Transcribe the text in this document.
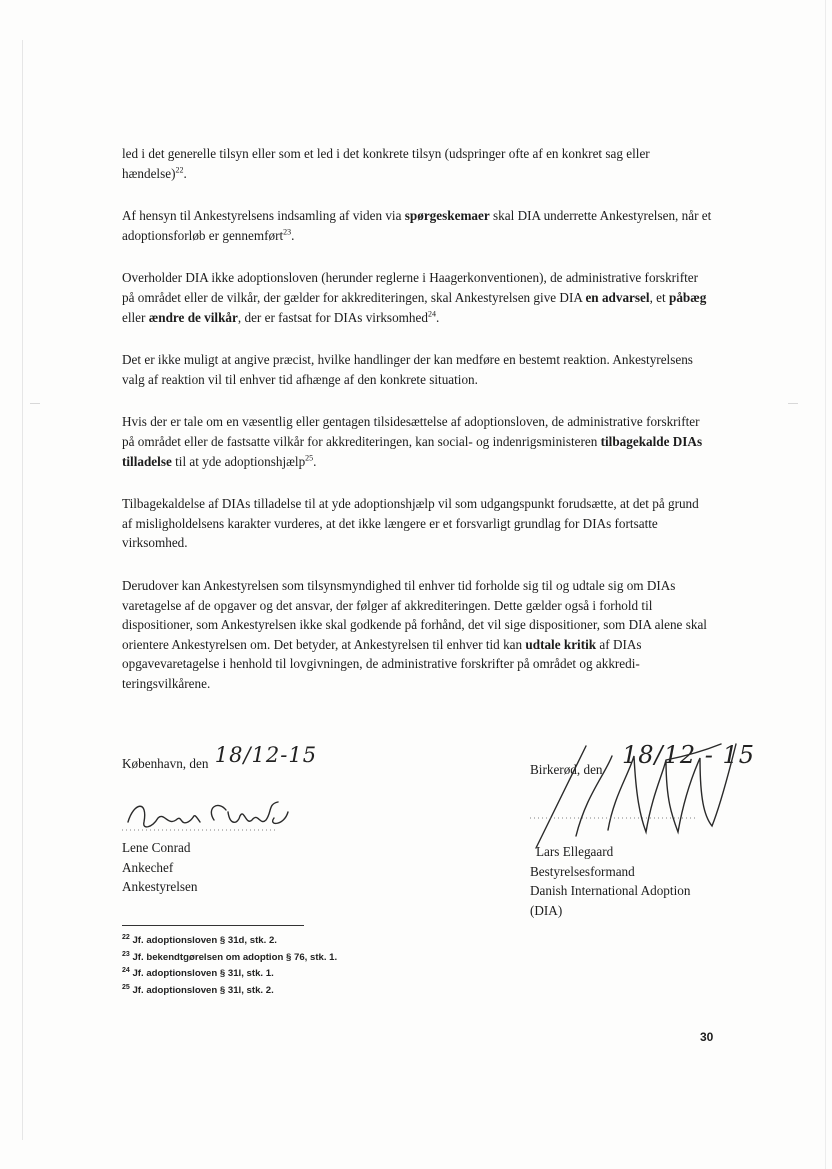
led i det generelle tilsyn eller som et led i det konkrete tilsyn (udspringer ofte af en konkret sag eller hændelse)$^{22}$.

Af hensyn til Ankestyrelsens indsamling af viden via spørgeskemaer skal DIA underrette Ankestyrelsen, når et adoptionsforløb er gennemført$^{23}$.

Overholder DIA ikke adoptionsloven (herunder reglerne i Haagerkonventionen), de administrative forskrifter på området eller de vilkår, der gælder for akkrediteringen, skal Ankestyrelsen give DIA en advarsel, et påbæg eller ændre de vilkår, der er fastsat for DIAs virksomhed$^{24}$.

Det er ikke muligt at angive præcist, hvilke handlinger der kan medføre en bestemt reaktion. Ankestyrelsens valg af reaktion vil til enhver tid afhænge af den konkrete situation.

Hvis der er tale om en væsentlig eller gentagen tilsidesættelse af adoptionsloven, de administrative forskrifter på området eller de fastsatte vilkår for akkrediteringen, kan social- og indenrigsministeren tilbagekalde DIAs tilladelse til at yde adoptionshjælp$^{25}$.

Tilbagekaldelse af DIAs tilladelse til at yde adoptionshjælp vil som udgangspunkt forudsætte, at det på grund af misligholdelsens karakter vurderes, at det ikke længere er et forsvarligt grundlag for DIAs fortsatte virksomhed.

Derudover kan Ankestyrelsen som tilsynsmyndighed til enhver tid forholde sig til og udtale sig om DIAs varetagelse af de opgaver og det ansvar, der følger af akkrediteringen. Dette gælder også i forhold til dispositioner, som Ankestyrelsen ikke skal godkende på forhånd, det vil sige dispositioner, som DIA alene skal orientere Ankestyrelsen om. Det betyder, at Ankestyrelsen til enhver tid kan udtale kritik af DIAs opgavevaretagelse i henhold til lovgivningen, de administrative forskrifter på området og akkrediteringsvilkårene.

København, den 18/12-15
Lene Conrad
Ankechef
Ankestyrelsen
Birkerød, den
18/12 - 15
Lars Ellegaard
Bestyrelsesformand
Danish International Adoption
(DIA)
$^{22}$ Jf. adoptionsloven § 31d, stk. 2.
$^{23}$ Jf. bekendtgørelsen om adoption § 76, stk. 1.
$^{24}$ Jf. adoptionsloven § 31l, stk. 1.
$^{25}$ Jf. adoptionsloven § 31l, stk. 2.
30
